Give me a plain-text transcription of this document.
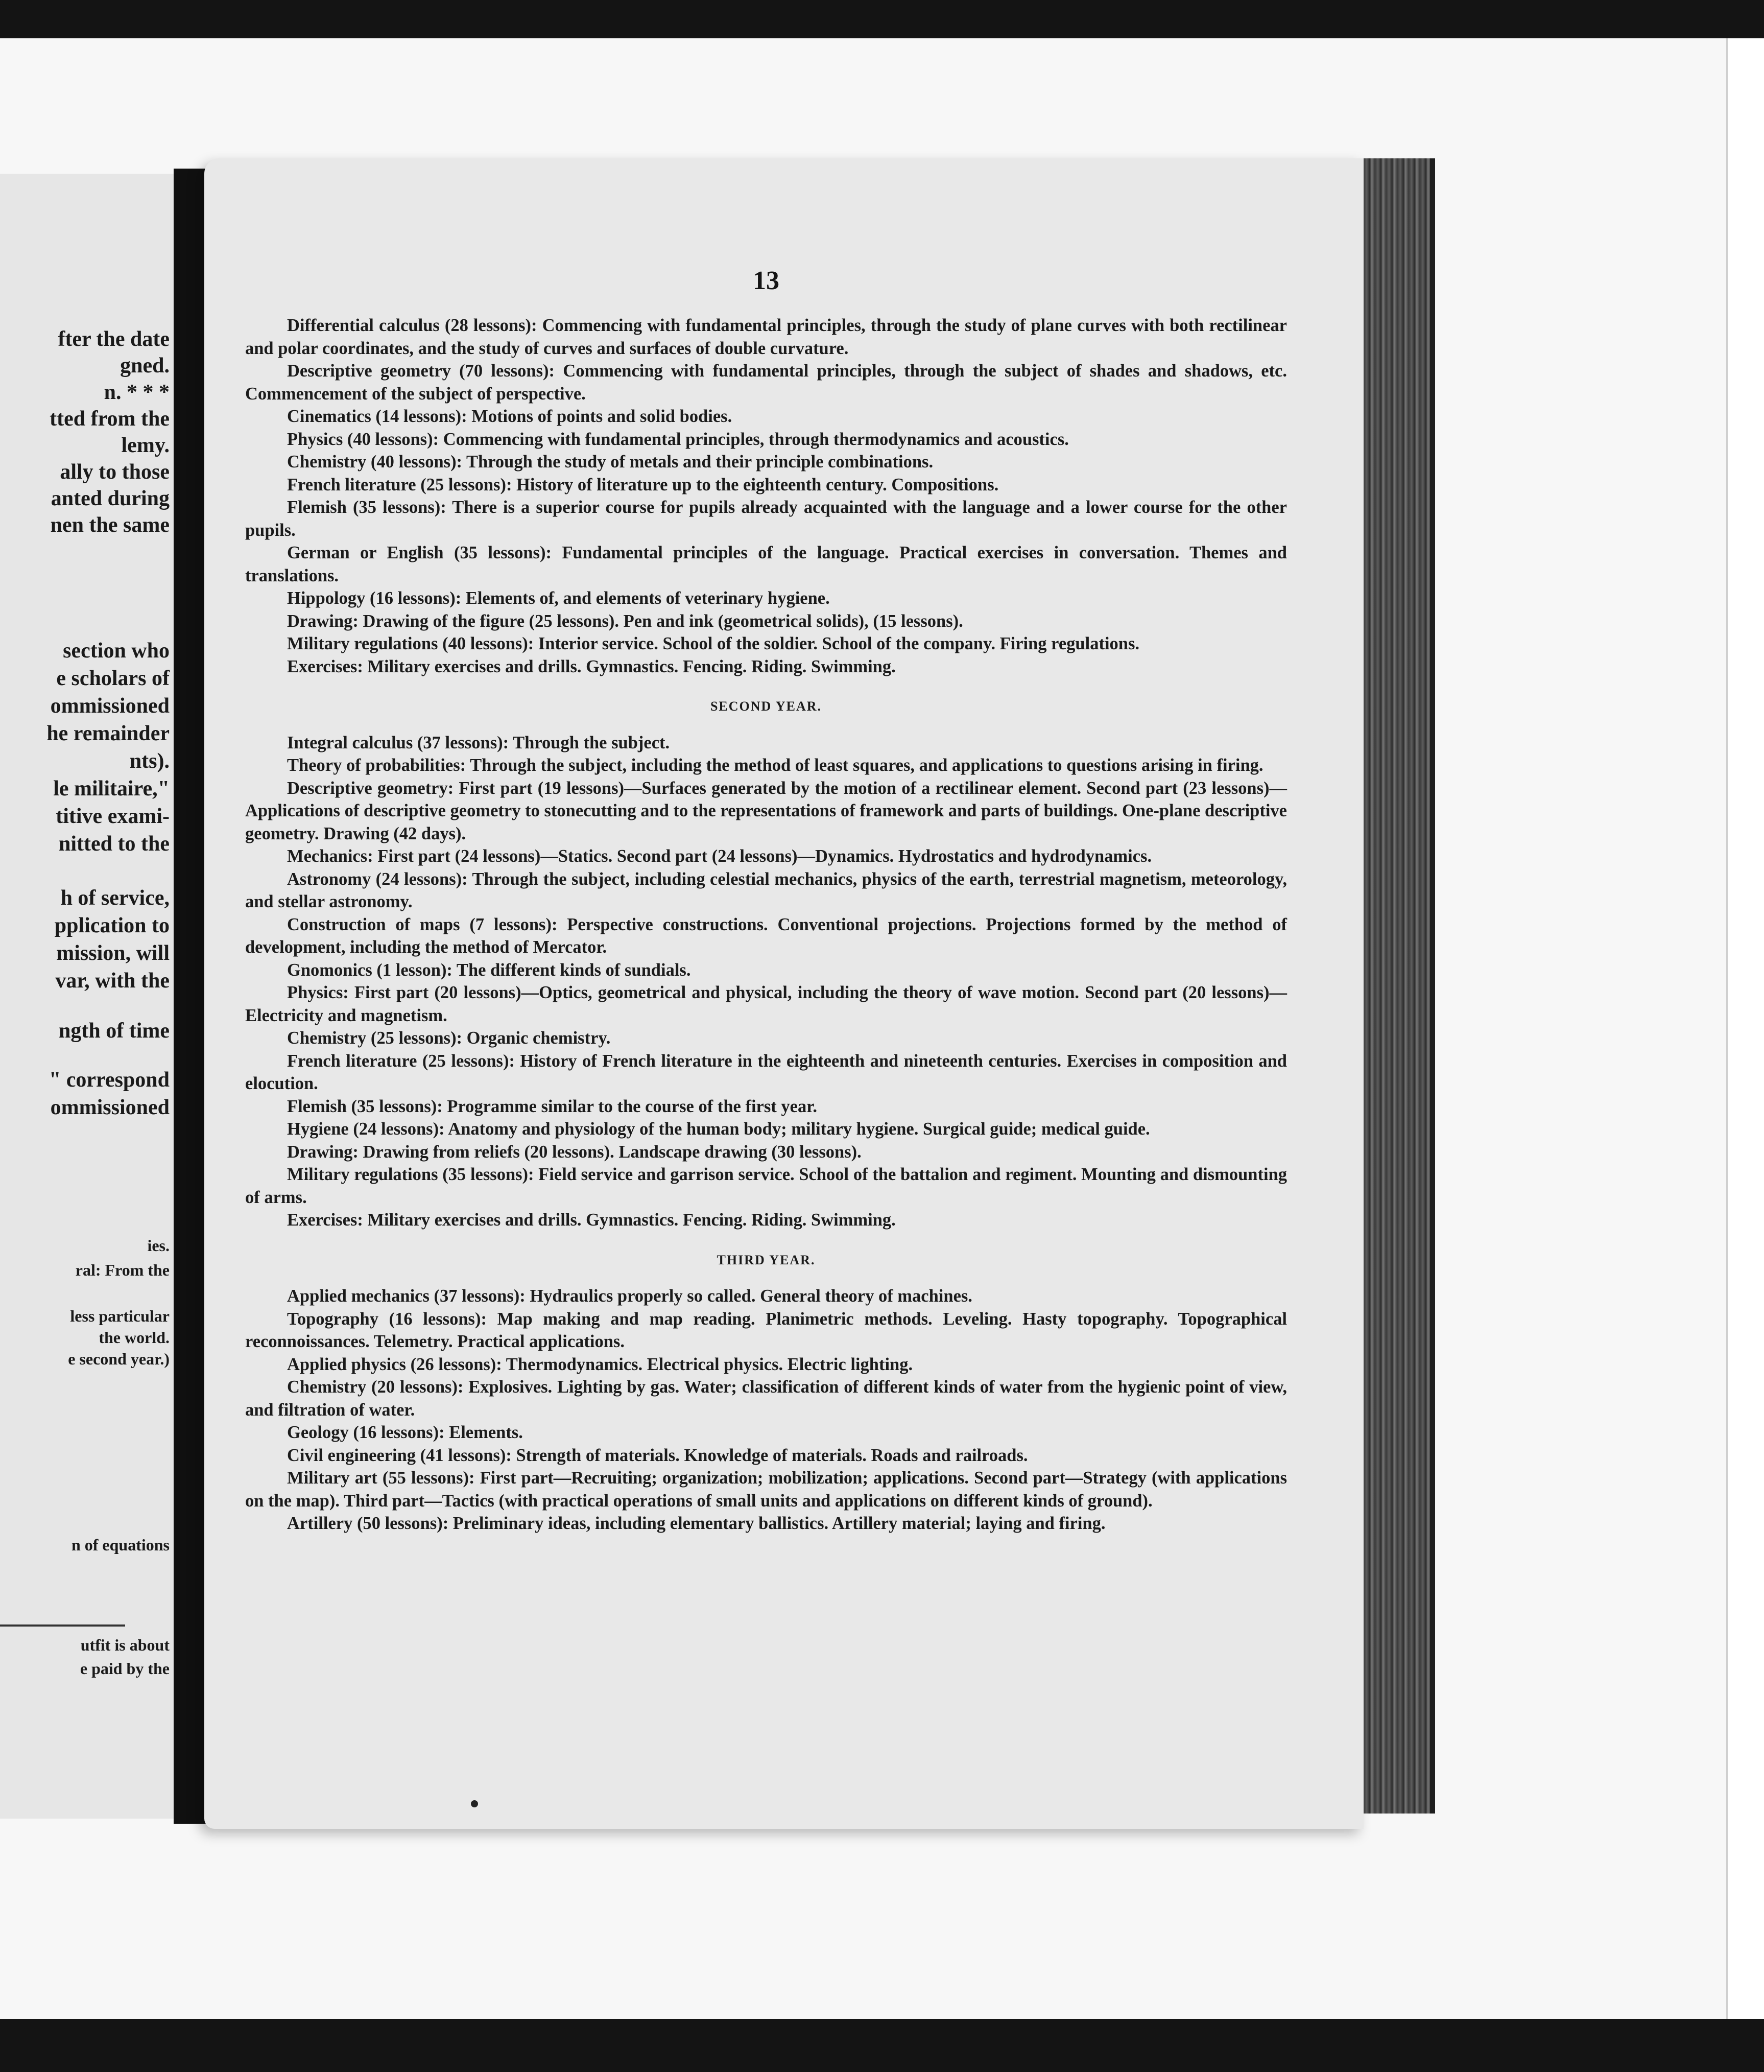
fter the date
gned.
n. * * *
tted from the
lemy.
ally to those
anted during
nen the same
section who
e scholars of
ommissioned
he remainder
nts).
le militaire,"
titive exami-
nitted to the
h of service,
pplication to
mission, will
var, with the
ngth of time
" correspond
ommissioned
ies.
ral: From the
less particular
the world.
e second year.)
n of equations
utfit is about
e paid by the
13

Differential calculus (28 lessons): Commencing with fundamental principles, through the study of plane curves with both rectilinear and polar coordinates, and the study of curves and surfaces of double curvature.

Descriptive geometry (70 lessons): Commencing with fundamental principles, through the subject of shades and shadows, etc. Commencement of the subject of perspective.

Cinematics (14 lessons): Motions of points and solid bodies.

Physics (40 lessons): Commencing with fundamental principles, through thermodynamics and acoustics.

Chemistry (40 lessons): Through the study of metals and their principle combinations.

French literature (25 lessons): History of literature up to the eighteenth century. Compositions.

Flemish (35 lessons): There is a superior course for pupils already acquainted with the language and a lower course for the other pupils.

German or English (35 lessons): Fundamental principles of the language. Practical exercises in conversation. Themes and translations.

Hippology (16 lessons): Elements of, and elements of veterinary hygiene.

Drawing: Drawing of the figure (25 lessons). Pen and ink (geometrical solids), (15 lessons).

Military regulations (40 lessons): Interior service. School of the soldier. School of the company. Firing regulations.

Exercises: Military exercises and drills. Gymnastics. Fencing. Riding. Swimming.

SECOND YEAR.

Integral calculus (37 lessons): Through the subject.

Theory of probabilities: Through the subject, including the method of least squares, and applications to questions arising in firing.

Descriptive geometry: First part (19 lessons)—Surfaces generated by the motion of a rectilinear element. Second part (23 lessons)—Applications of descriptive geometry to stonecutting and to the representations of framework and parts of buildings. One-plane descriptive geometry. Drawing (42 days).

Mechanics: First part (24 lessons)—Statics. Second part (24 lessons)—Dynamics. Hydrostatics and hydrodynamics.

Astronomy (24 lessons): Through the subject, including celestial mechanics, physics of the earth, terrestrial magnetism, meteorology, and stellar astronomy.

Construction of maps (7 lessons): Perspective constructions. Conventional projections. Projections formed by the method of development, including the method of Mercator.

Gnomonics (1 lesson): The different kinds of sundials.

Physics: First part (20 lessons)—Optics, geometrical and physical, including the theory of wave motion. Second part (20 lessons)—Electricity and magnetism.

Chemistry (25 lessons): Organic chemistry.

French literature (25 lessons): History of French literature in the eighteenth and nineteenth centuries. Exercises in composition and elocution.

Flemish (35 lessons): Programme similar to the course of the first year.

Hygiene (24 lessons): Anatomy and physiology of the human body; military hygiene. Surgical guide; medical guide.

Drawing: Drawing from reliefs (20 lessons). Landscape drawing (30 lessons).

Military regulations (35 lessons): Field service and garrison service. School of the battalion and regiment. Mounting and dismounting of arms.

Exercises: Military exercises and drills. Gymnastics. Fencing. Riding. Swimming.

THIRD YEAR.

Applied mechanics (37 lessons): Hydraulics properly so called. General theory of machines.

Topography (16 lessons): Map making and map reading. Planimetric methods. Leveling. Hasty topography. Topographical reconnoissances. Telemetry. Practical applications.

Applied physics (26 lessons): Thermodynamics. Electrical physics. Electric lighting.

Chemistry (20 lessons): Explosives. Lighting by gas. Water; classification of different kinds of water from the hygienic point of view, and filtration of water.

Geology (16 lessons): Elements.

Civil engineering (41 lessons): Strength of materials. Knowledge of materials. Roads and railroads.

Military art (55 lessons): First part—Recruiting; organization; mobilization; applications. Second part—Strategy (with applications on the map). Third part—Tactics (with practical operations of small units and applications on different kinds of ground).

Artillery (50 lessons): Preliminary ideas, including elementary ballistics. Artillery material; laying and firing.
